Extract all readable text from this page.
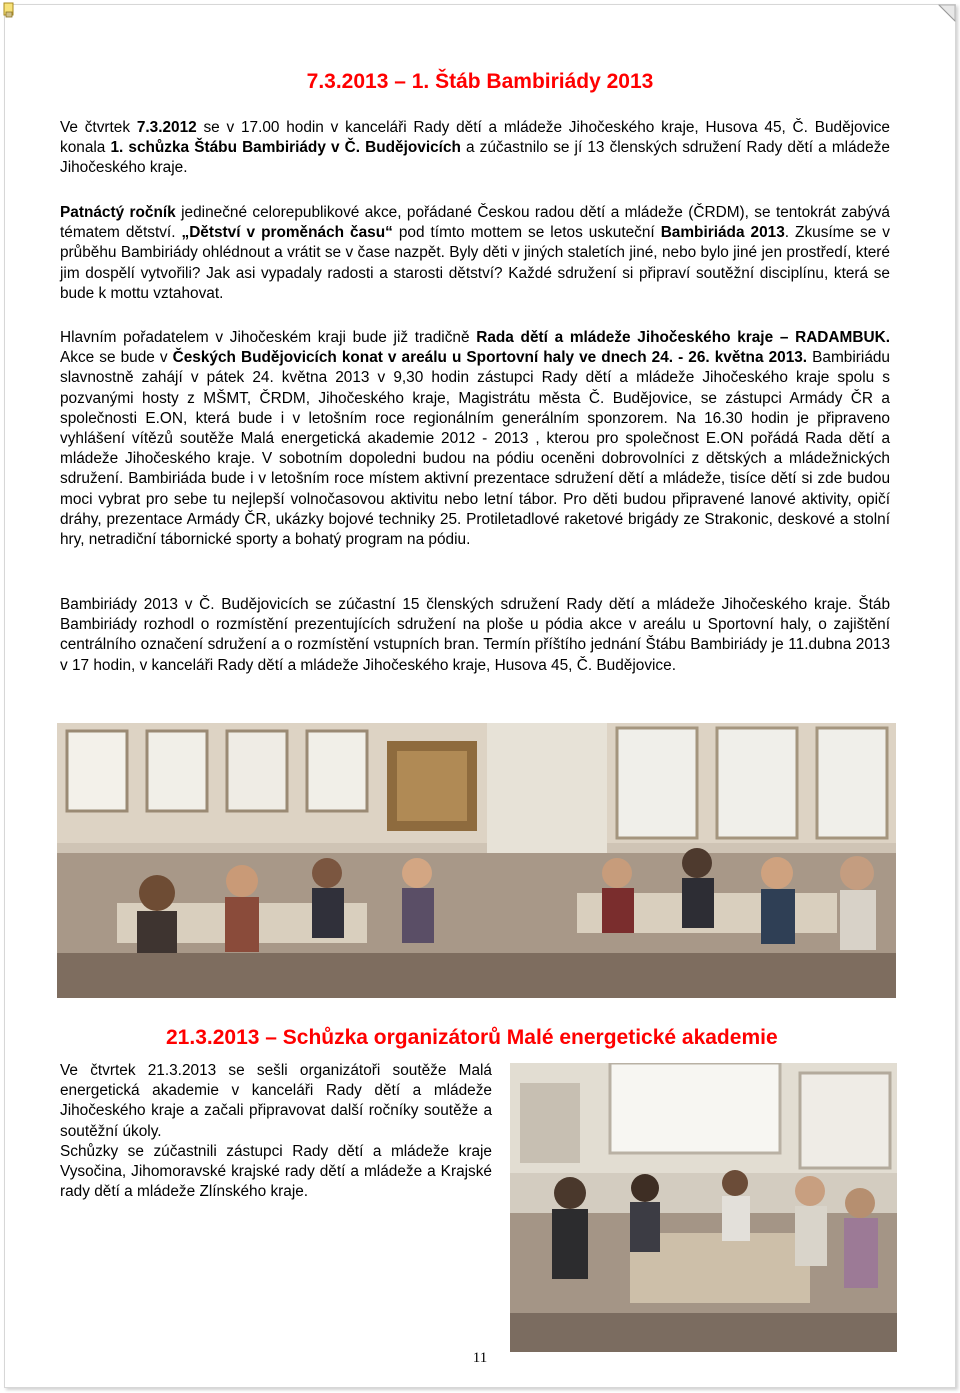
7.3.2013 – 1. Štáb Bambiriády 2013

Ve čtvrtek 7.3.2012 se v 17.00 hodin v kanceláři Rady dětí a mládeže Jihočeského kraje, Husova 45, Č. Budějovice konala 1. schůzka Štábu Bambiriády v Č. Budějovicích a zúčastnilo se jí 13 členských sdružení Rady dětí a mládeže Jihočeského kraje.

Patnáctý ročník jedinečné celorepublikové akce, pořádané Českou radou dětí a mládeže (ČRDM), se tentokrát zabývá tématem dětství. „Dětství v proměnách času“ pod tímto mottem se letos uskuteční Bambiriáda 2013. Zkusíme se v průběhu Bambiriády ohlédnout a vrátit se v čase nazpět. Byly děti v jiných staletích jiné, nebo bylo jiné jen prostředí, které jim dospělí vytvořili? Jak asi vypadaly radosti a starosti dětství? Každé sdružení si připraví soutěžní disciplínu, která se bude k mottu vztahovat.

Hlavním pořadatelem v Jihočeském kraji bude již tradičně Rada dětí a mládeže Jihočeského kraje – RADAMBUK. Akce se bude v Českých Budějovicích konat v areálu u Sportovní haly ve dnech 24. - 26. května 2013. Bambiriádu slavnostně zahájí v pátek 24. května 2013 v 9,30 hodin zástupci Rady dětí a mládeže Jihočeského kraje spolu s pozvanými hosty z MŠMT, ČRDM, Jihočeského kraje, Magistrátu města Č. Budějovice, se zástupci Armády ČR a společnosti E.ON, která bude i v letošním roce regionálním generálním sponzorem. Na 16.30 hodin je připraveno vyhlášení vítězů soutěže Malá energetická akademie 2012 - 2013 , kterou pro společnost E.ON pořádá Rada dětí a mládeže Jihočeského kraje. V sobotním dopoledni budou na pódiu oceněni dobrovolníci z dětských a mládežnických sdružení. Bambiriáda bude i v letošním roce místem aktivní prezentace sdružení dětí a mládeže, tisíce dětí si zde budou moci vybrat pro sebe tu nejlepší volnočasovou aktivitu nebo letní tábor. Pro děti budou připravené lanové aktivity, opičí dráhy, prezentace Armády ČR, ukázky bojové techniky 25. Protiletadlové raketové brigády ze Strakonic, deskové a stolní hry, netradiční tábornické sporty a bohatý program na pódiu.

Bambiriády 2013 v Č. Budějovicích se zúčastní 15 členských sdružení Rady dětí a mládeže Jihočeského kraje. Štáb Bambiriády rozhodl o rozmístění prezentujících sdružení na ploše u pódia akce v areálu u Sportovní haly, o zajištění centrálního označení sdružení a o rozmístění vstupních bran. Termín příštího jednání Štábu Bambiriády je 11.dubna 2013 v 17 hodin, v kanceláři Rady dětí a mládeže Jihočeského kraje, Husova 45, Č. Budějovice.

21.3.2013 – Schůzka organizátorů Malé energetické akademie

Ve čtvrtek 21.3.2013 se sešli organizátoři soutěže Malá energetická akademie v kanceláři Rady dětí a mládeže Jihočeského kraje a začali připravovat další ročníky soutěže a soutěžní úkoly.

Schůzky se zúčastnili zástupci Rady dětí a mládeže kraje Vysočina, Jihomoravské krajské rady dětí a mládeže a Krajské rady dětí a mládeže Zlínského kraje.

11
